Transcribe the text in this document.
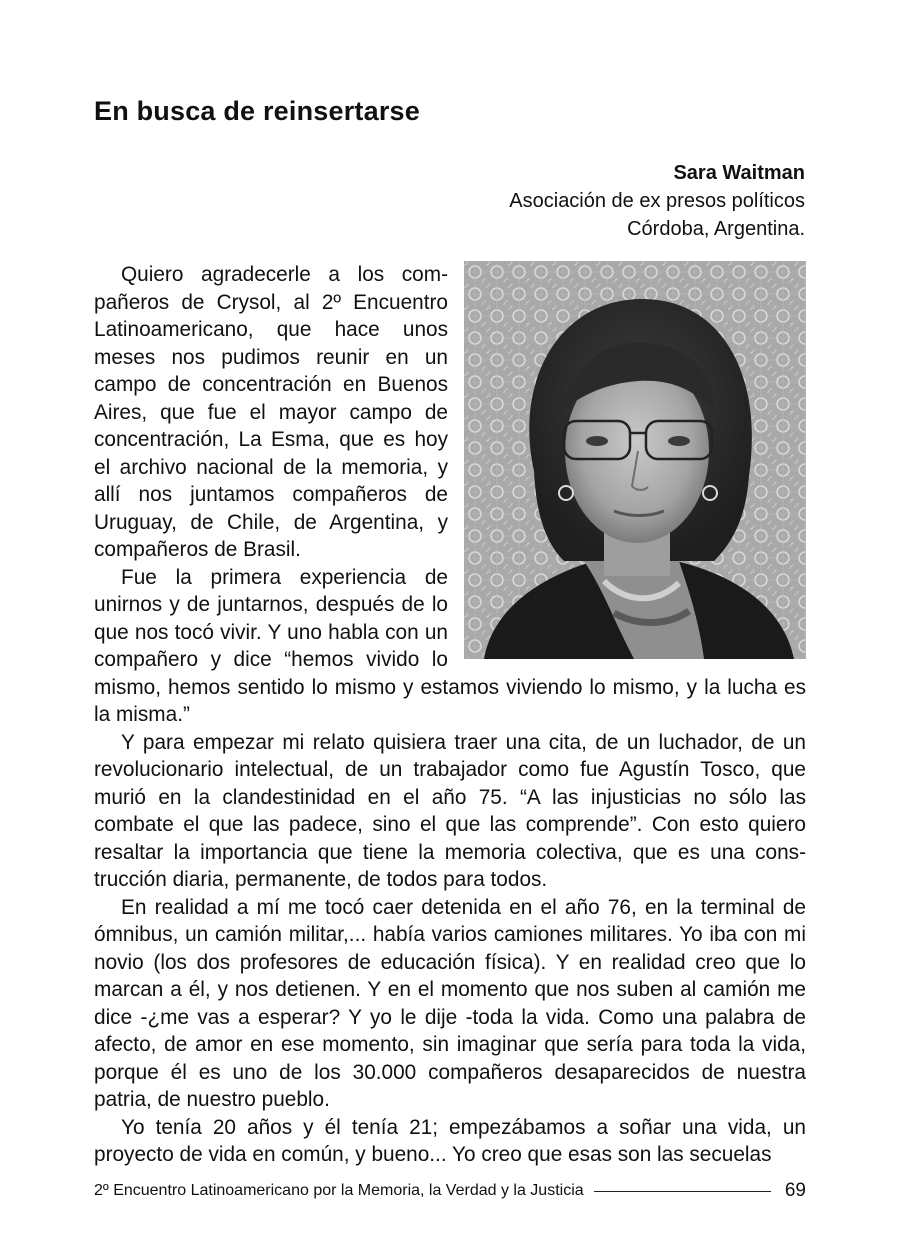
En busca de reinsertarse
Sara Waitman
Asociación de ex presos políticos
Córdoba, Argentina.

Quiero agradecerle a los compañeros de Crysol, al 2º Encuentro Latinoamericano, que hace unos meses nos pudimos reunir en un campo de concentración en Buenos Aires, que fue el mayor campo de concentración, La Esma, que es hoy el archivo nacional de la memoria, y allí nos juntamos compañeros de Uruguay, de Chile, de Argentina, y compañeros de Brasil.

Fue la primera experiencia de unirnos y de juntarnos, después de lo que nos tocó vivir. Y uno habla con un compañero y dice “hemos vivido lo mismo, hemos sentido lo mismo y estamos viviendo lo mismo, y la lucha es la misma.”

Y para empezar mi relato quisiera traer una cita, de un luchador, de un revolucionario intelectual, de un trabajador como fue Agustín Tosco, que murió en la clandestinidad en el año 75. “A las injusticias no sólo las combate el que las padece, sino el que las comprende”. Con esto quiero resaltar la importancia que tiene la memoria colectiva, que es una construcción diaria, permanente, de todos para todos.

En realidad a mí me tocó caer detenida en el año 76, en la terminal de ómnibus, un camión militar,... había varios camiones militares. Yo iba con mi novio (los dos profesores de educación física). Y en realidad creo que lo marcan a él, y nos detienen. Y en el momento que nos suben al camión me dice -¿me vas a esperar? Y yo le dije -toda la vida. Como una palabra de afecto, de amor en ese momento, sin imaginar que sería para toda la vida, porque él es uno de los 30.000 compañeros desaparecidos de nuestra patria, de nuestro pueblo.

Yo tenía 20 años y él tenía 21; empezábamos a soñar una vida, un proyecto de vida en común, y bueno... Yo creo que esas son las secuelas

2º Encuentro Latinoamericano por la Memoria, la Verdad y la Justicia	69
